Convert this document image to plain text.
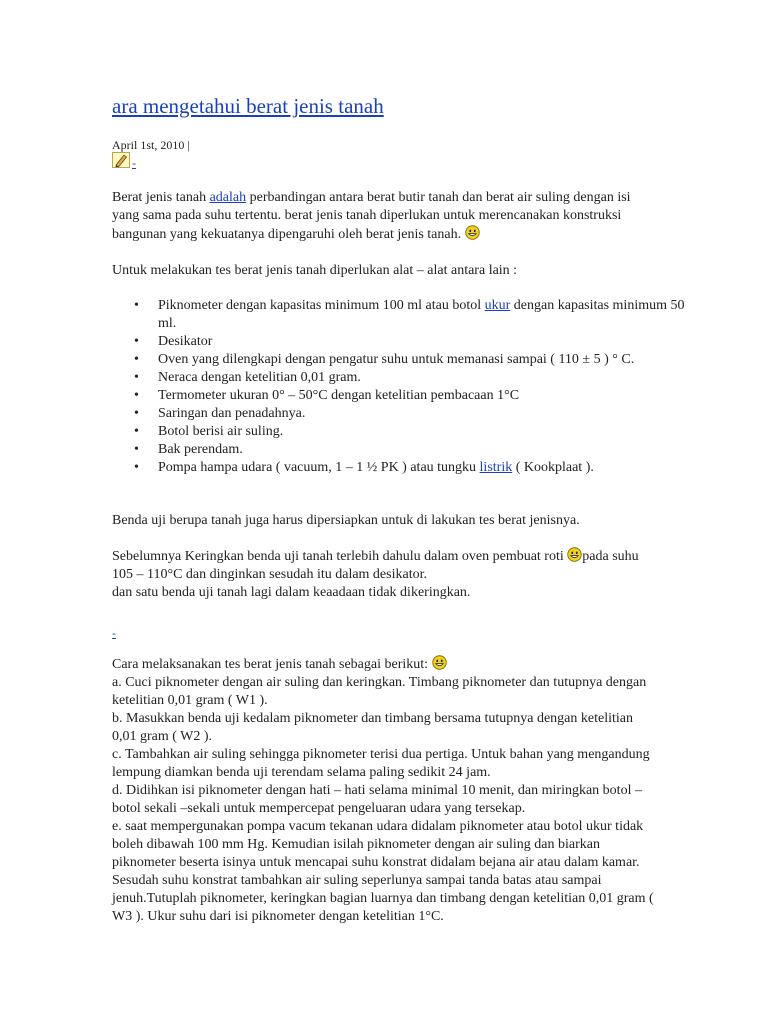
ara mengetahui berat jenis tanah
April 1st, 2010 |
-

Berat jenis tanah adalah perbandingan antara berat butir tanah dan berat air suling dengan isi yang sama pada suhu tertentu. berat jenis tanah diperlukan untuk merencanakan konstruksi bangunan yang kekuatanya dipengaruhi oleh berat jenis tanah.

Untuk melakukan tes berat jenis tanah diperlukan alat – alat antara lain :

• Piknometer dengan kapasitas minimum 100 ml atau botol ukur dengan kapasitas minimum 50 ml.
• Desikator
• Oven yang dilengkapi dengan pengatur suhu untuk memanasi sampai ( 110 ± 5 ) ° C.
• Neraca dengan ketelitian 0,01 gram.
• Termometer ukuran 0° – 50°C dengan ketelitian pembacaan 1°C
• Saringan dan penadahnya.
• Botol berisi air suling.
• Bak perendam.
• Pompa hampa udara ( vacuum, 1 – 1 ½ PK ) atau tungku listrik ( Kookplaat ).

Benda uji berupa tanah juga harus dipersiapkan untuk di lakukan tes berat jenisnya.

Sebelumnya Keringkan benda uji tanah terlebih dahulu dalam oven pembuat roti pada suhu 105 – 110°C dan dinginkan sesudah itu dalam desikator.
dan satu benda uji tanah lagi dalam keaadaan tidak dikeringkan.

-
Cara melaksanakan tes berat jenis tanah sebagai berikut:
a. Cuci piknometer dengan air suling dan keringkan. Timbang piknometer dan tutupnya dengan ketelitian 0,01 gram ( W1 ).
b. Masukkan benda uji kedalam piknometer dan timbang bersama tutupnya dengan ketelitian 0,01 gram ( W2 ).
c. Tambahkan air suling sehingga piknometer terisi dua pertiga. Untuk bahan yang mengandung lempung diamkan benda uji terendam selama paling sedikit 24 jam.
d. Didihkan isi piknometer dengan hati – hati selama minimal 10 menit, dan miringkan botol – botol sekali –sekali untuk mempercepat pengeluaran udara yang tersekap.
e. saat mempergunakan pompa vacum tekanan udara didalam piknometer atau botol ukur tidak boleh dibawah 100 mm Hg. Kemudian isilah piknometer dengan air suling dan biarkan piknometer beserta isinya untuk mencapai suhu konstrat didalam bejana air atau dalam kamar. Sesudah suhu konstrat tambahkan air suling seperlunya sampai tanda batas atau sampai jenuh.Tutuplah piknometer, keringkan bagian luarnya dan timbang dengan ketelitian 0,01 gram ( W3 ). Ukur suhu dari isi piknometer dengan ketelitian 1°C.
